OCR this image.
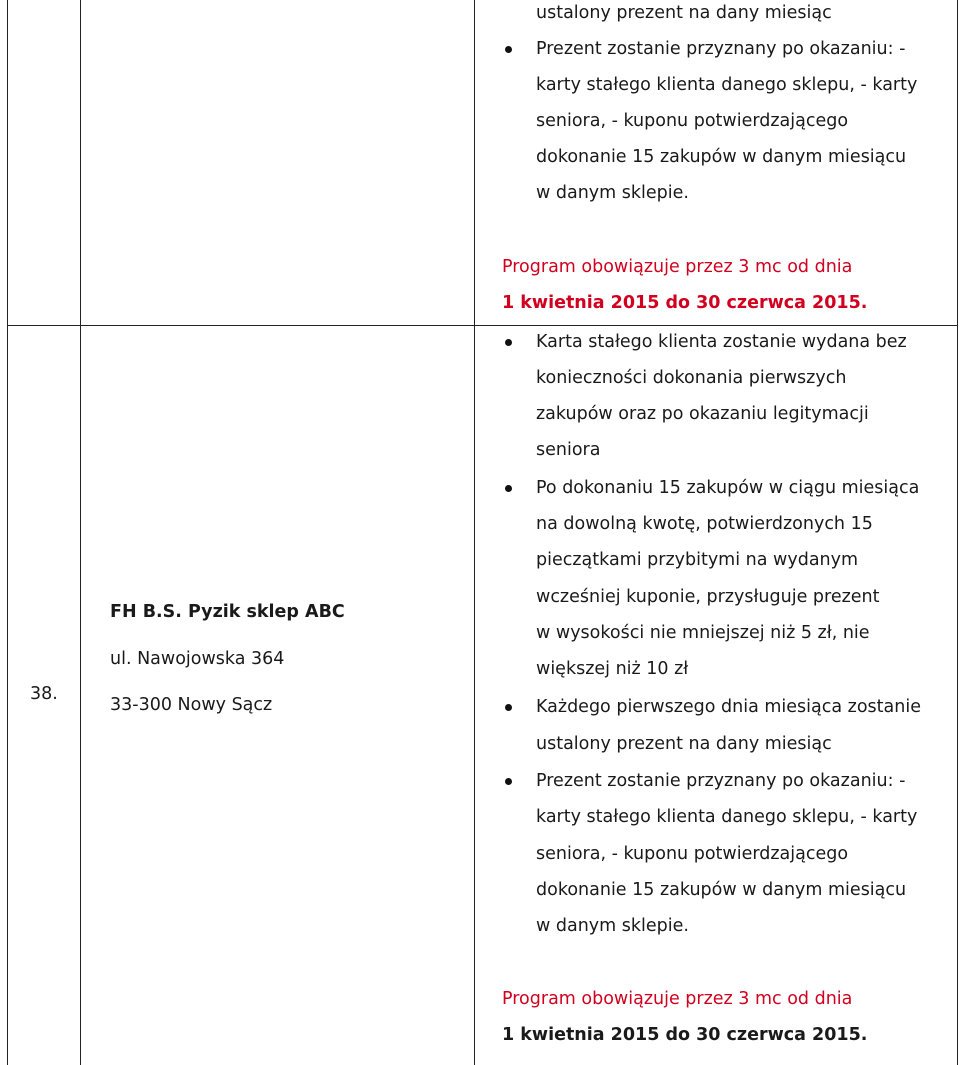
ustalony prezent na dany miesiąc
Prezent zostanie przyznany po okazaniu: -
karty stałego klienta danego sklepu, - karty
seniora, - kuponu potwierdzającego
dokonanie 15 zakupów w danym miesiącu
w danym sklepie.
Program obowiązuje przez 3 mc od dnia
1 kwietnia 2015 do 30 czerwca 2015.
38.
FH B.S. Pyzik sklep ABC
ul. Nawojowska 364
33-300 Nowy Sącz
Karta stałego klienta zostanie wydana bez
konieczności dokonania pierwszych
zakupów oraz po okazaniu legitymacji
seniora
Po dokonaniu 15 zakupów w ciągu miesiąca
na dowolną kwotę, potwierdzonych 15
pieczątkami przybitymi na wydanym
wcześniej kuponie, przysługuje prezent
w wysokości nie mniejszej niż 5 zł, nie
większej niż 10 zł
Każdego pierwszego dnia miesiąca zostanie
ustalony prezent na dany miesiąc
Prezent zostanie przyznany po okazaniu: -
karty stałego klienta danego sklepu, - karty
seniora, - kuponu potwierdzającego
dokonanie 15 zakupów w danym miesiącu
w danym sklepie.
Program obowiązuje przez 3 mc od dnia
1 kwietnia 2015 do 30 czerwca 2015.
